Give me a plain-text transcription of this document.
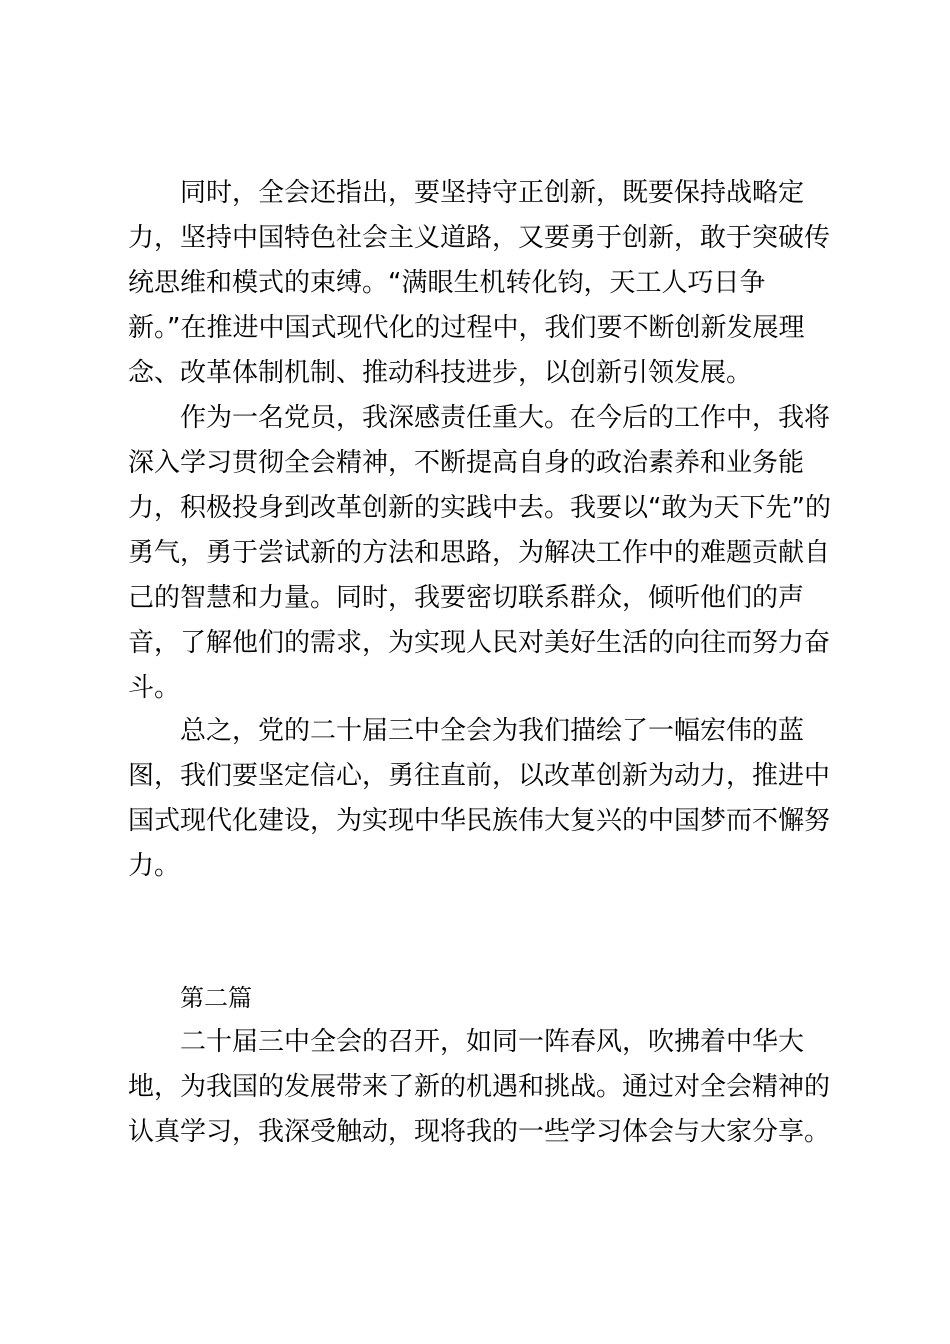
同时，全会还指出，要坚持守正创新，既要保持战略定
力，坚持中国特色社会主义道路，又要勇于创新，敢于突破传
统思维和模式的束缚。“满眼生机转化钧，天工人巧日争
新。”在推进中国式现代化的过程中，我们要不断创新发展理
念、改革体制机制、推动科技进步，以创新引领发展。
作为一名党员，我深感责任重大。在今后的工作中，我将
深入学习贯彻全会精神，不断提高自身的政治素养和业务能
力，积极投身到改革创新的实践中去。我要以“敢为天下先”的
勇气，勇于尝试新的方法和思路，为解决工作中的难题贡献自
己的智慧和力量。同时，我要密切联系群众，倾听他们的声
音，了解他们的需求，为实现人民对美好生活的向往而努力奋
斗。
总之，党的二十届三中全会为我们描绘了一幅宏伟的蓝
图，我们要坚定信心，勇往直前，以改革创新为动力，推进中
国式现代化建设，为实现中华民族伟大复兴的中国梦而不懈努
力。
第二篇
二十届三中全会的召开，如同一阵春风，吹拂着中华大
地，为我国的发展带来了新的机遇和挑战。通过对全会精神的
认真学习，我深受触动，现将我的一些学习体会与大家分享。
